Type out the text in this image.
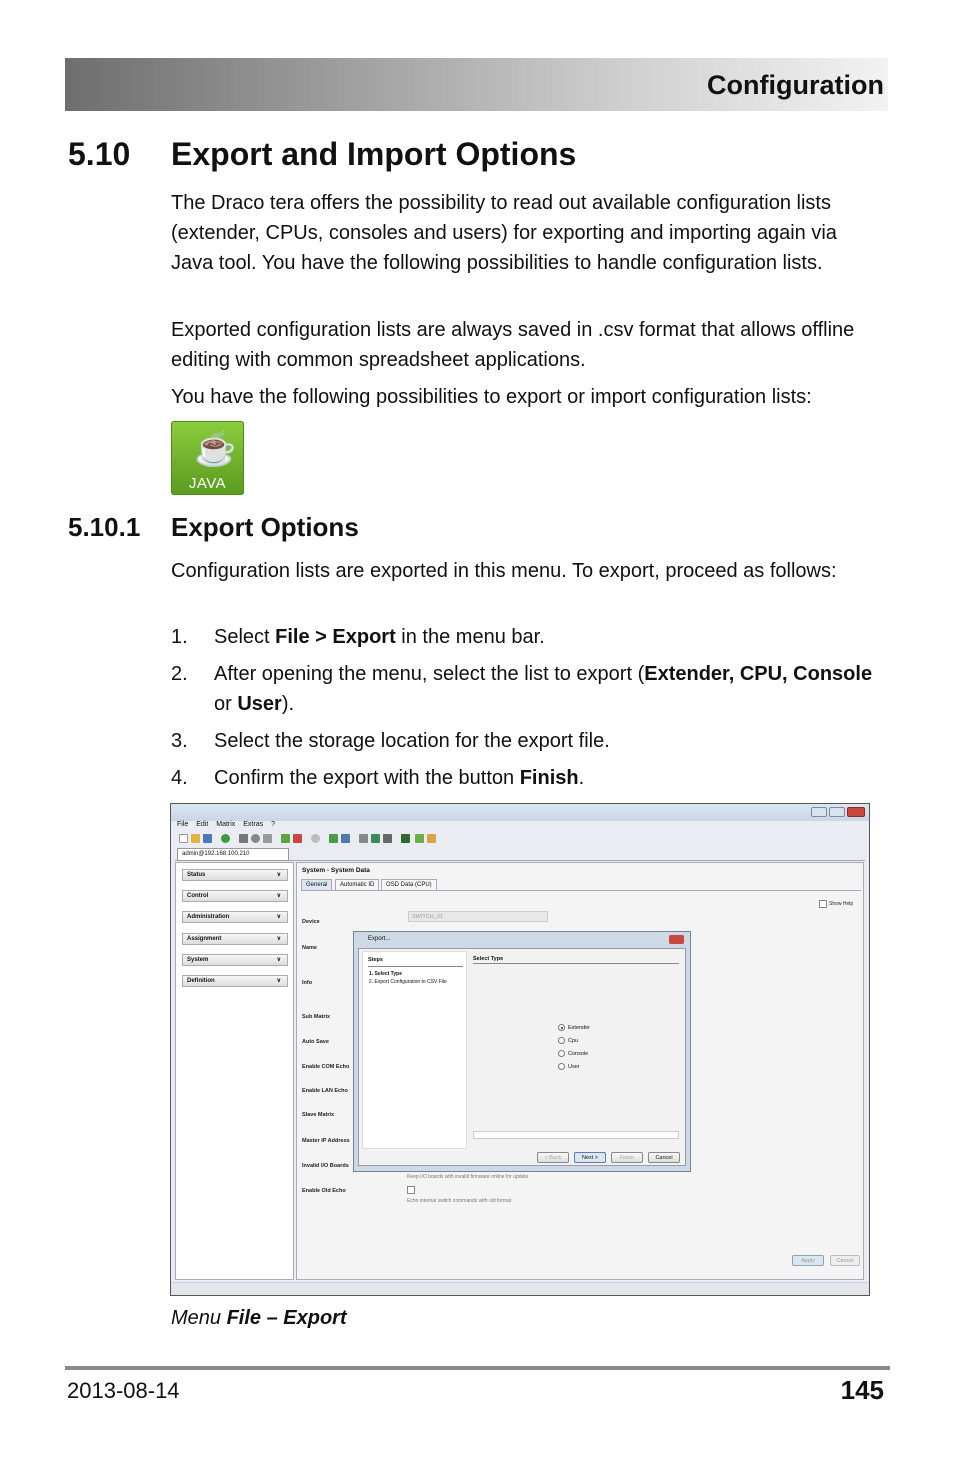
Configuration
5.10 Export and Import Options

The Draco tera offers the possibility to read out available configuration lists (extender, CPUs, consoles and users) for exporting and importing again via Java tool. You have the following possibilities to handle configuration lists.

Exported configuration lists are always saved in .csv format that allows offline editing with common spreadsheet applications.

You have the following possibilities to export or import configuration lists:

☕
JAVA
5.10.1 Export Options

Configuration lists are exported in this menu. To export, proceed as follows:

1. Select File > Export in the menu bar.
2. After opening the menu, select the list to export (Extender, CPU, Console or User).
3. Select the storage location for the export file.
4. Confirm the export with the button Finish.
File Edit Matrix Extras ?
admin@192.168.100.210
Status ∨
Control ∨
Administration ∨
Assignment ∨
System ∨
Definition ∨
System - System Data
General	Automatic ID	OSD Data (CPU)
Show Help
Device
SWITCH_01
Name
Info
Sub Matrix
Auto Save
Enable COM Echo
Enable LAN Echo
Slave Matrix
Master IP Address
Invalid I/O Boards
Keep I/O boards with invalid firmware online for update
Enable Old Echo
Echo internal switch commands with old format
Apply	Cancel
Export...
Steps
1. Select Type
2. Export Configuration to CSV File
Select Type
Extender
Cpu
Console
User
< Back	Next >	Finish	Cancel
Menu File – Export
2013-08-14	145
